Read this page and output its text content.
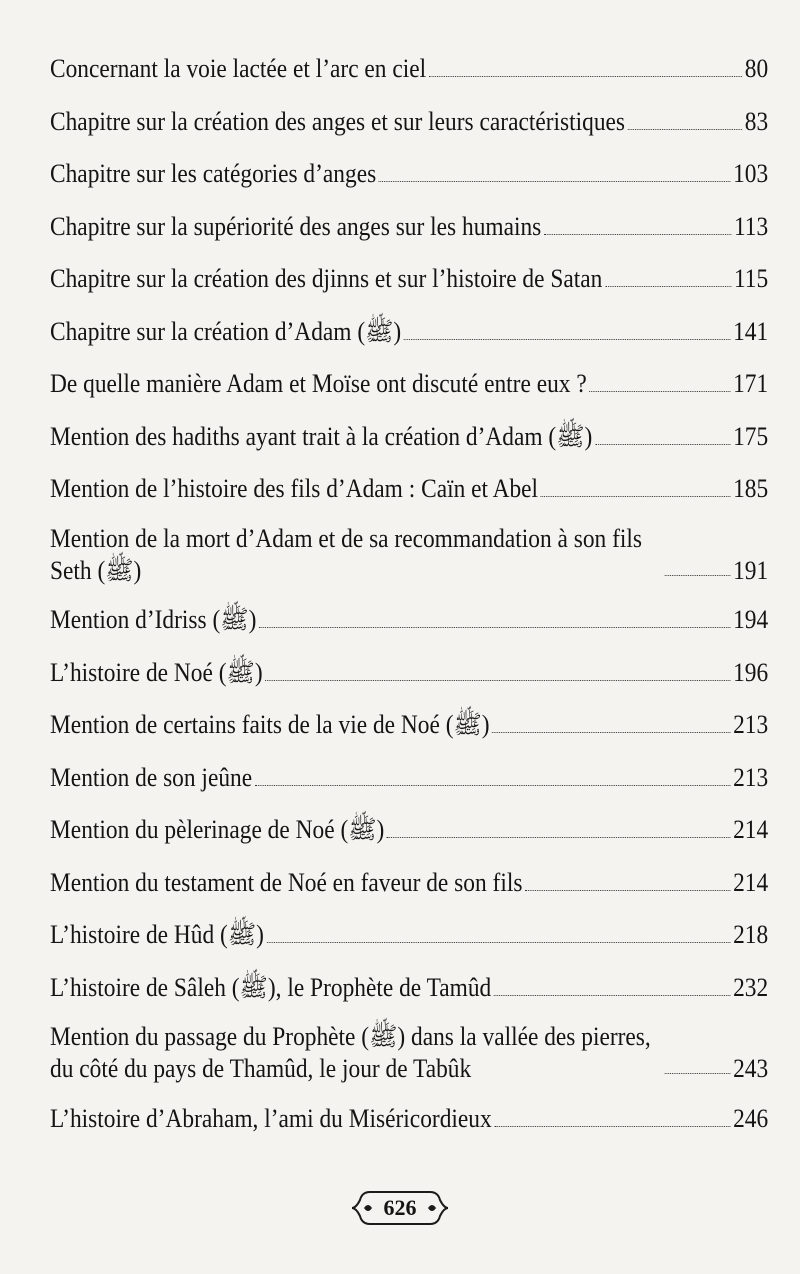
Concernant la voie lactée et l’arc en ciel	80
Chapitre sur la création des anges et sur leurs caractéristiques	83
Chapitre sur les catégories d’anges	103
Chapitre sur la supériorité des anges sur les humains	113
Chapitre sur la création des djinns et sur l’histoire de Satan	115
Chapitre sur la création d’Adam (ﷺ)	141
De quelle manière Adam et Moïse ont discuté entre eux ?	171
Mention des hadiths ayant trait à la création d’Adam (ﷺ)	175
Mention de l’histoire des fils d’Adam : Caïn et Abel	185
Mention de la mort d’Adam et de sa recommandation à son fils Seth (ﷺ)	191
Mention d’Idriss (ﷺ)	194
L’histoire de Noé (ﷺ)	196
Mention de certains faits de la vie de Noé (ﷺ)	213
Mention de son jeûne	213
Mention du pèlerinage de Noé (ﷺ)	214
Mention du testament de Noé en faveur de son fils	214
L’histoire de Hûd (ﷺ)	218
L’histoire de Sâleh (ﷺ), le Prophète de Tamûd	232
Mention du passage du Prophète (ﷺ) dans la vallée des pierres, du côté du pays de Thamûd, le jour de Tabûk	243
L’histoire d’Abraham, l’ami du Miséricordieux	246
626
